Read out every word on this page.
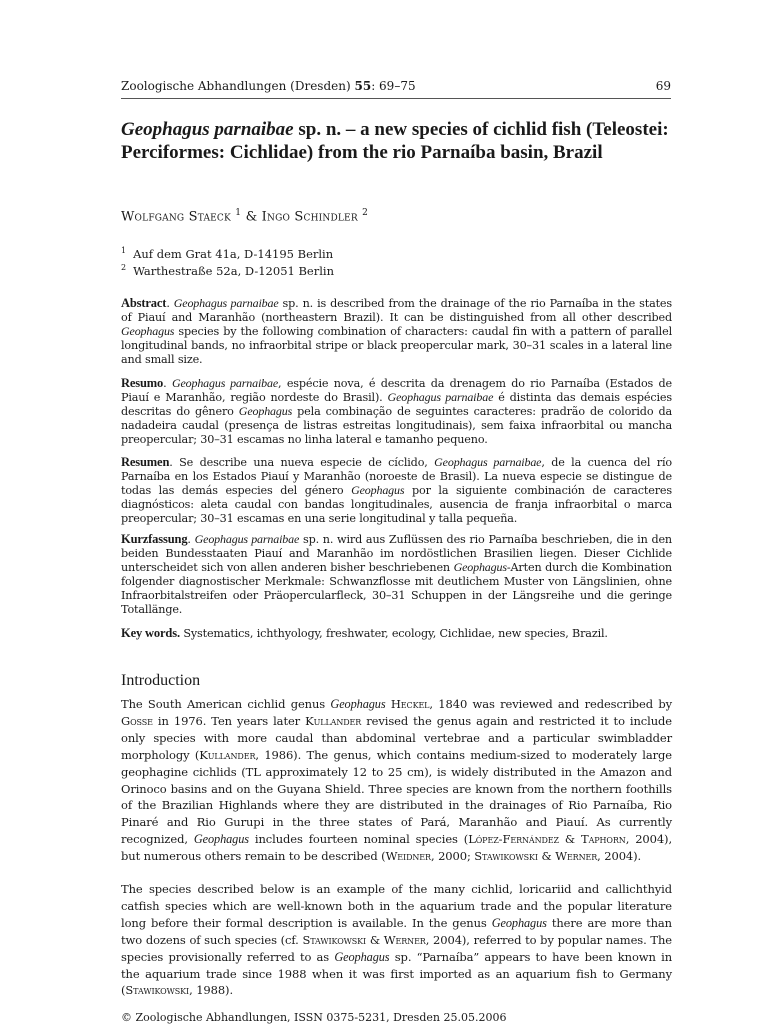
Zoologische Abhandlungen (Dresden) 55: 69–75	69
Geophagus parnaibae sp. n. – a new species of cichlid fish (Teleostei: Perciformes: Cichlidae) from the rio Parnaíba basin, Brazil
Wolfgang Staeck $^1$ & Ingo Schindler $^2$
$^1$ Auf dem Grat 41a, D-14195 Berlin
$^2$ Warthestraße 52a, D-12051 Berlin
Abstract. Geophagus parnaibae sp. n. is described from the drainage of the rio Parnaíba in the states of Piauí and Maranhão (northeastern Brazil). It can be distinguished from all other described Geophagus species by the following combination of characters: caudal fin with a pattern of parallel longitudinal bands, no infraorbital stripe or black preopercular mark, 30–31 scales in a lateral line and small size.
Resumo. Geophagus parnaibae, espécie nova, é descrita da drenagem do rio Parnaíba (Estados de Piauí e Maranhão, região nordeste do Brasil). Geophagus parnaibae é distinta das demais espécies descritas do gênero Geophagus pela combinação de seguintes caracteres: pradrão de colorido da nadadeira caudal (presença de listras estreitas longitudinais), sem faixa infraorbital ou mancha preopercular; 30–31 escamas no linha lateral e tamanho pequeno.
Resumen. Se describe una nueva especie de cíclido, Geophagus parnaibae, de la cuenca del río Parnaíba en los Estados Piauí y Maranhão (noroeste de Brasil). La nueva especie se distingue de todas las demás especies del género Geophagus por la siguiente combinación de caracteres diagnósticos: aleta caudal con bandas longitudinales, ausencia de franja infraorbital o marca preopercular; 30–31 escamas en una serie longitudinal y talla pequeña.
Kurzfassung. Geophagus parnaibae sp. n. wird aus Zuflüssen des rio Parnaíba beschrieben, die in den beiden Bundesstaaten Piauí and Maranhão im nordöstlichen Brasilien liegen. Dieser Cichlide unterscheidet sich von allen anderen bisher beschriebenen Geophagus-Arten durch die Kombination folgender diagnostischer Merkmale: Schwanzflosse mit deutlichem Muster von Längslinien, ohne Infraorbitalstreifen oder Präopercularfleck, 30–31 Schuppen in der Längsreihe und die geringe Totallänge.
Key words. Systematics, ichthyology, freshwater, ecology, Cichlidae, new species, Brazil.
Introduction
The South American cichlid genus Geophagus Heckel, 1840 was reviewed and redescribed by Gosse in 1976. Ten years later Kullander revised the genus again and restricted it to include only species with more caudal than abdominal vertebrae and a particular swimbladder morphology (Kullander, 1986). The genus, which contains medium-sized to moderately large geophagine cichlids (TL approximately 12 to 25 cm), is widely distributed in the Amazon and Orinoco basins and on the Guyana Shield. Three species are known from the northern foothills of the Brazilian Highlands where they are distributed in the drainages of Rio Parnaíba, Rio Pinaré and Rio Gurupi in the three states of Pará, Maranhão and Piauí. As currently recognized, Geophagus includes fourteen nominal species (López-Fernández & Taphorn, 2004), but numerous others remain to be described (Weidner, 2000; Stawikowski & Werner, 2004).
The species described below is an example of the many cichlid, loricariid and callichthyid catfish species which are well-known both in the aquarium trade and the popular literature long before their formal description is available. In the genus Geophagus there are more than two dozens of such species (cf. Stawikowski & Werner, 2004), referred to by popular names. The species provisionally referred to as Geophagus sp. “Parnaíba” appears to have been known in the aquarium trade since 1988 when it was first imported as an aquarium fish to Germany (Stawikowski, 1988).
© Zoologische Abhandlungen, ISSN 0375-5231, Dresden 25.05.2006
